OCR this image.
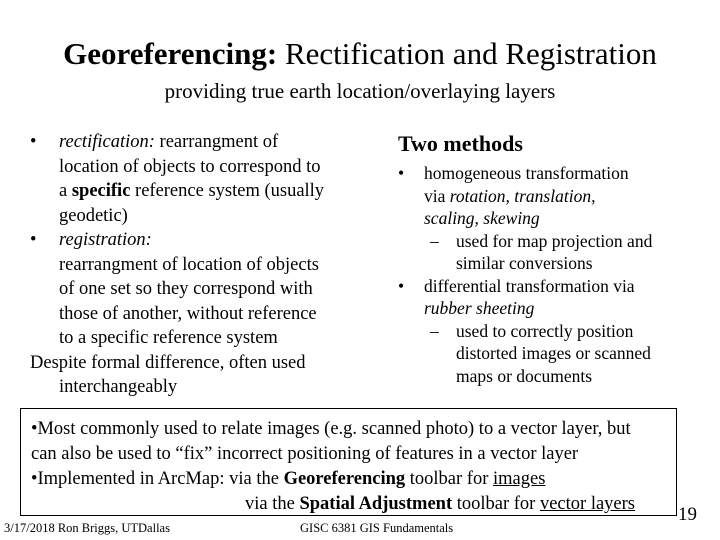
Georeferencing: Rectification and Registration
providing true earth location/overlaying layers
• rectification: rearrangment of
location of objects to correspond to
a specific reference system (usually
geodetic)
• registration:
rearrangment of location of objects
of one set so they correspond with
those of another, without reference
to a specific reference system
Despite formal difference, often used
interchangeably
Two methods
• homogeneous transformation
via rotation, translation,
scaling, skewing
– used for map projection and
similar conversions
• differential transformation via
rubber sheeting
– used to correctly position
distorted images or scanned
maps or documents
•Most commonly used to relate images (e.g. scanned photo) to a vector layer, but
can also be used to “fix” incorrect positioning of features in a vector layer
•Implemented in ArcMap: via the Georeferencing toolbar for images
via the Spatial Adjustment toolbar for vector layers
3/17/2018 Ron Briggs, UTDallas	GISC 6381 GIS Fundamentals
19
